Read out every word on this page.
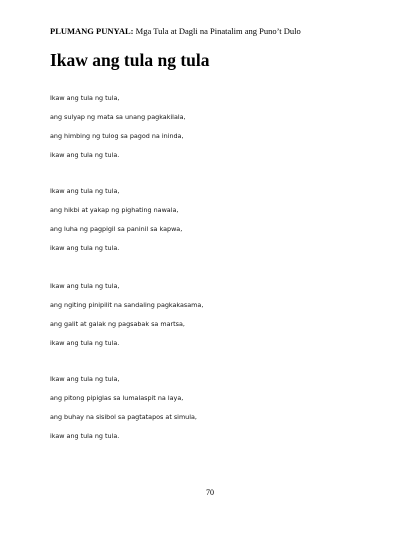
PLUMANG PUNYAL: Mga Tula at Dagli na Pinatalim ang Puno’t Dulo
Ikaw ang tula ng tula
Ikaw ang tula ng tula,
ang sulyap ng mata sa unang pagkakilala,
ang himbing ng tulog sa pagod na ininda,
ikaw ang tula ng tula.
Ikaw ang tula ng tula,
ang hikbi at yakap ng pighating nawala,
ang luha ng pagpigil sa paninil sa kapwa,
ikaw ang tula ng tula.
Ikaw ang tula ng tula,
ang ngiting pinipilit na sandaling pagkakasama,
ang galit at galak ng pagsabak sa martsa,
ikaw ang tula ng tula.
Ikaw ang tula ng tula,
ang pitong pipiglas sa lumalaspit na laya,
ang buhay na sisibol sa pagtatapos at simula,
ikaw ang tula ng tula.
70
